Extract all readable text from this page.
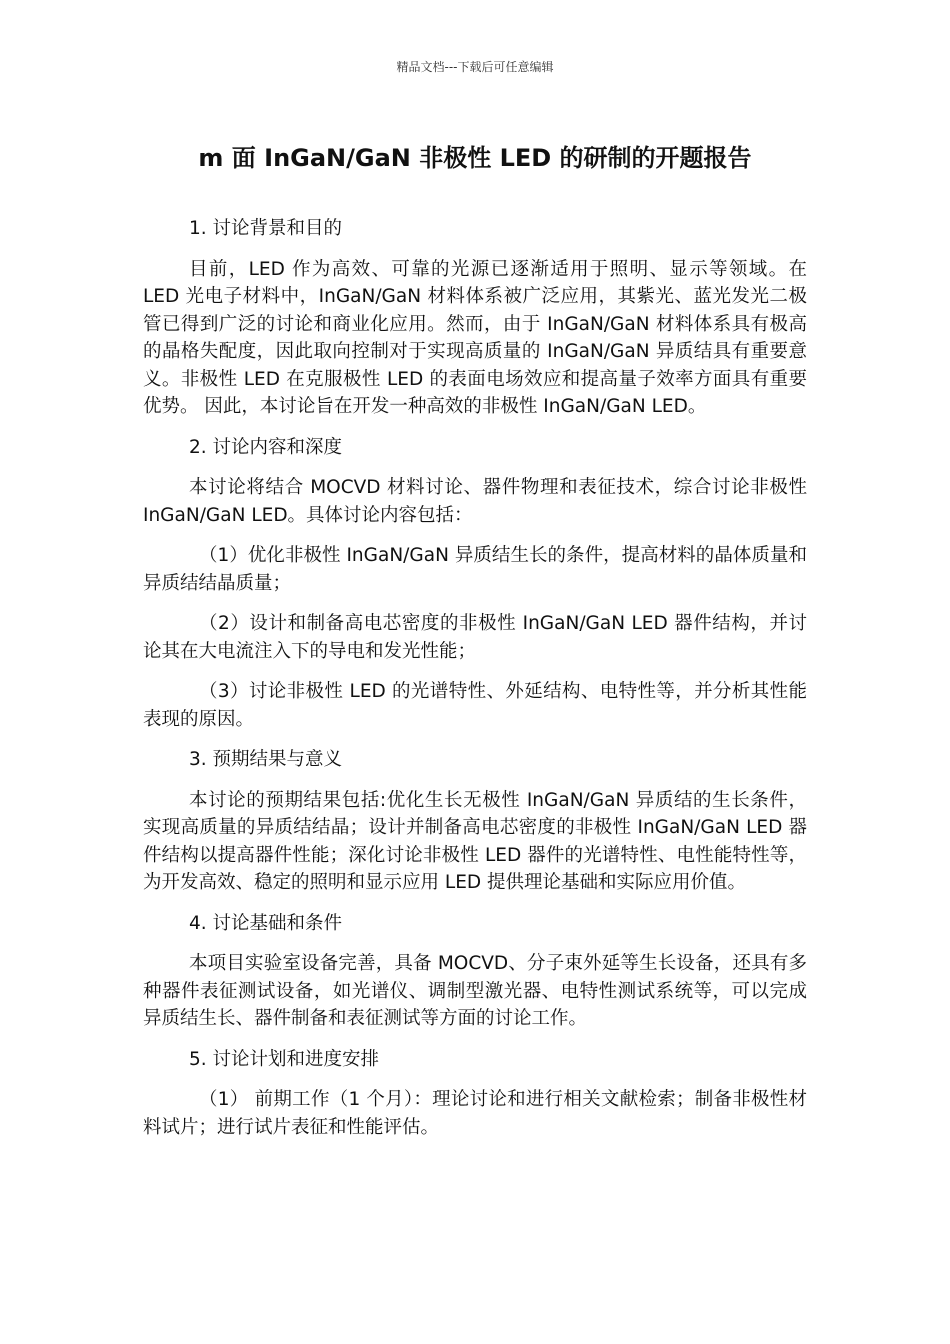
精品文档---下载后可任意编辑
m 面 InGaN/GaN 非极性 LED 的研制的开题报告

1. 讨论背景和目的

目前，LED 作为高效、可靠的光源已逐渐适用于照明、显示等领域。在 LED 光电子材料中，InGaN/GaN 材料体系被广泛应用，其紫光、蓝光发光二极管已得到广泛的讨论和商业化应用。然而，由于 InGaN/GaN 材料体系具有极高的晶格失配度，因此取向控制对于实现高质量的 InGaN/GaN 异质结具有重要意义。非极性 LED 在克服极性 LED 的表面电场效应和提高量子效率方面具有重要优势。 因此，本讨论旨在开发一种高效的非极性 InGaN/GaN LED。

2. 讨论内容和深度

本讨论将结合 MOCVD 材料讨论、器件物理和表征技术，综合讨论非极性 InGaN/GaN LED。具体讨论内容包括：

（1）优化非极性 InGaN/GaN 异质结生长的条件，提高材料的晶体质量和异质结结晶质量；

（2）设计和制备高电芯密度的非极性 InGaN/GaN LED 器件结构，并讨论其在大电流注入下的导电和发光性能；

（3）讨论非极性 LED 的光谱特性、外延结构、电特性等，并分析其性能表现的原因。

3. 预期结果与意义

本讨论的预期结果包括:优化生长无极性 InGaN/GaN 异质结的生长条件，实现高质量的异质结结晶；设计并制备高电芯密度的非极性 InGaN/GaN LED 器件结构以提高器件性能；深化讨论非极性 LED 器件的光谱特性、电性能特性等，为开发高效、稳定的照明和显示应用 LED 提供理论基础和实际应用价值。

4. 讨论基础和条件

本项目实验室设备完善，具备 MOCVD、分子束外延等生长设备，还具有多种器件表征测试设备，如光谱仪、调制型激光器、电特性测试系统等，可以完成异质结生长、器件制备和表征测试等方面的讨论工作。

5. 讨论计划和进度安排

（1） 前期工作（1 个月）：理论讨论和进行相关文献检索；制备非极性材料试片；进行试片表征和性能评估。
